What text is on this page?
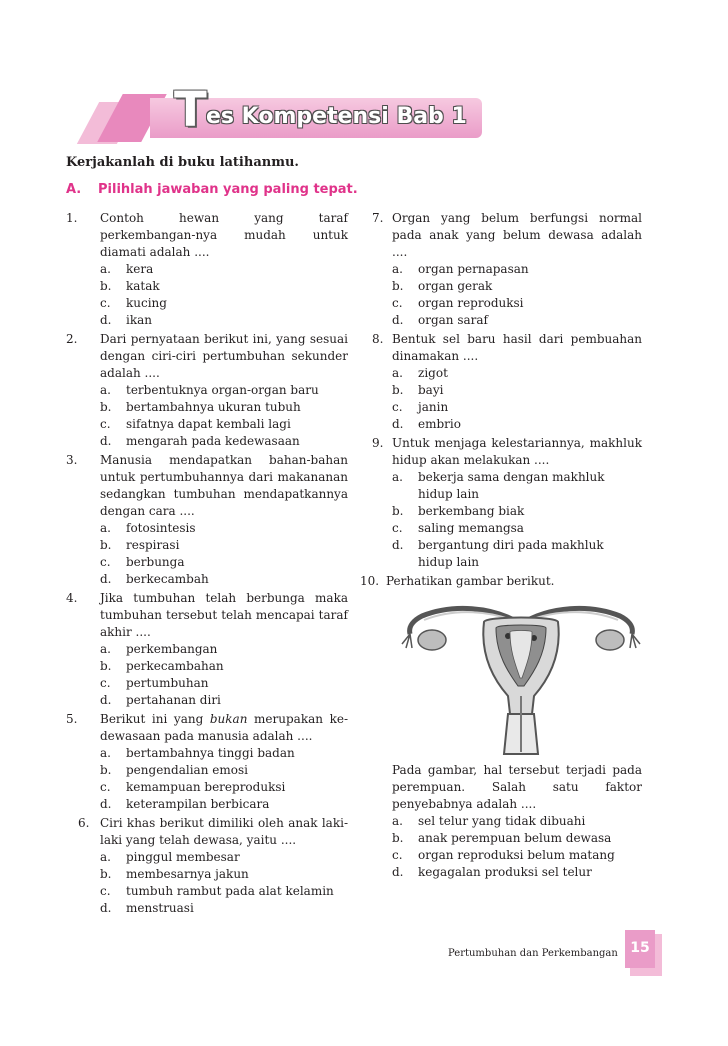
T es Kompetensi Bab 1
Kerjakanlah di buku latihanmu.
A. Pilihlah jawaban yang paling tepat.
1. Contoh hewan yang taraf perkembangan-nya mudah untuk diamati adalah ....
a. kera
b. katak
c. kucing
d. ikan
2. Dari pernyataan berikut ini, yang sesuai dengan ciri-ciri pertumbuhan sekunder adalah ....
a. terbentuknya organ-organ baru
b. bertambahnya ukuran tubuh
c. sifatnya dapat kembali lagi
d. mengarah pada kedewasaan
3. Manusia mendapatkan bahan-bahan untuk pertumbuhannya dari makananan sedangkan tumbuhan mendapatkannya dengan cara ....
a. fotosintesis
b. respirasi
c. berbunga
d. berkecambah
4. Jika tumbuhan telah berbunga maka tumbuhan tersebut telah mencapai taraf akhir ....
a. perkembangan
b. perkecambahan
c. pertumbuhan
d. pertahanan diri
5. Berikut ini yang bukan merupakan ke-dewasaan pada manusia adalah ....
a. bertambahnya tinggi badan
b. pengendalian emosi
c. kemampuan bereproduksi
d. keterampilan berbicara
6. Ciri khas berikut dimiliki oleh anak laki-laki yang telah dewasa, yaitu ....
a. pinggul membesar
b. membesarnya jakun
c. tumbuh rambut pada alat kelamin
d. menstruasi
7. Organ yang belum berfungsi normal pada anak yang belum dewasa adalah ....
a. organ pernapasan
b. organ gerak
c. organ reproduksi
d. organ saraf
8. Bentuk sel baru hasil dari pembuahan dinamakan ....
a. zigot
b. bayi
c. janin
d. embrio
9. Untuk menjaga kelestariannya, makhluk hidup akan melakukan ....
a. bekerja sama dengan makhluk hidup lain
b. berkembang biak
c. saling memangsa
d. bergantung diri pada makhluk hidup lain
10. Perhatikan gambar berikut.
Pada gambar, hal tersebut terjadi pada perempuan. Salah satu faktor penyebabnya adalah ....
a. sel telur yang tidak dibuahi
b. anak perempuan belum dewasa
c. organ reproduksi belum matang
d. kegagalan produksi sel telur
Pertumbuhan dan Perkembangan 15
